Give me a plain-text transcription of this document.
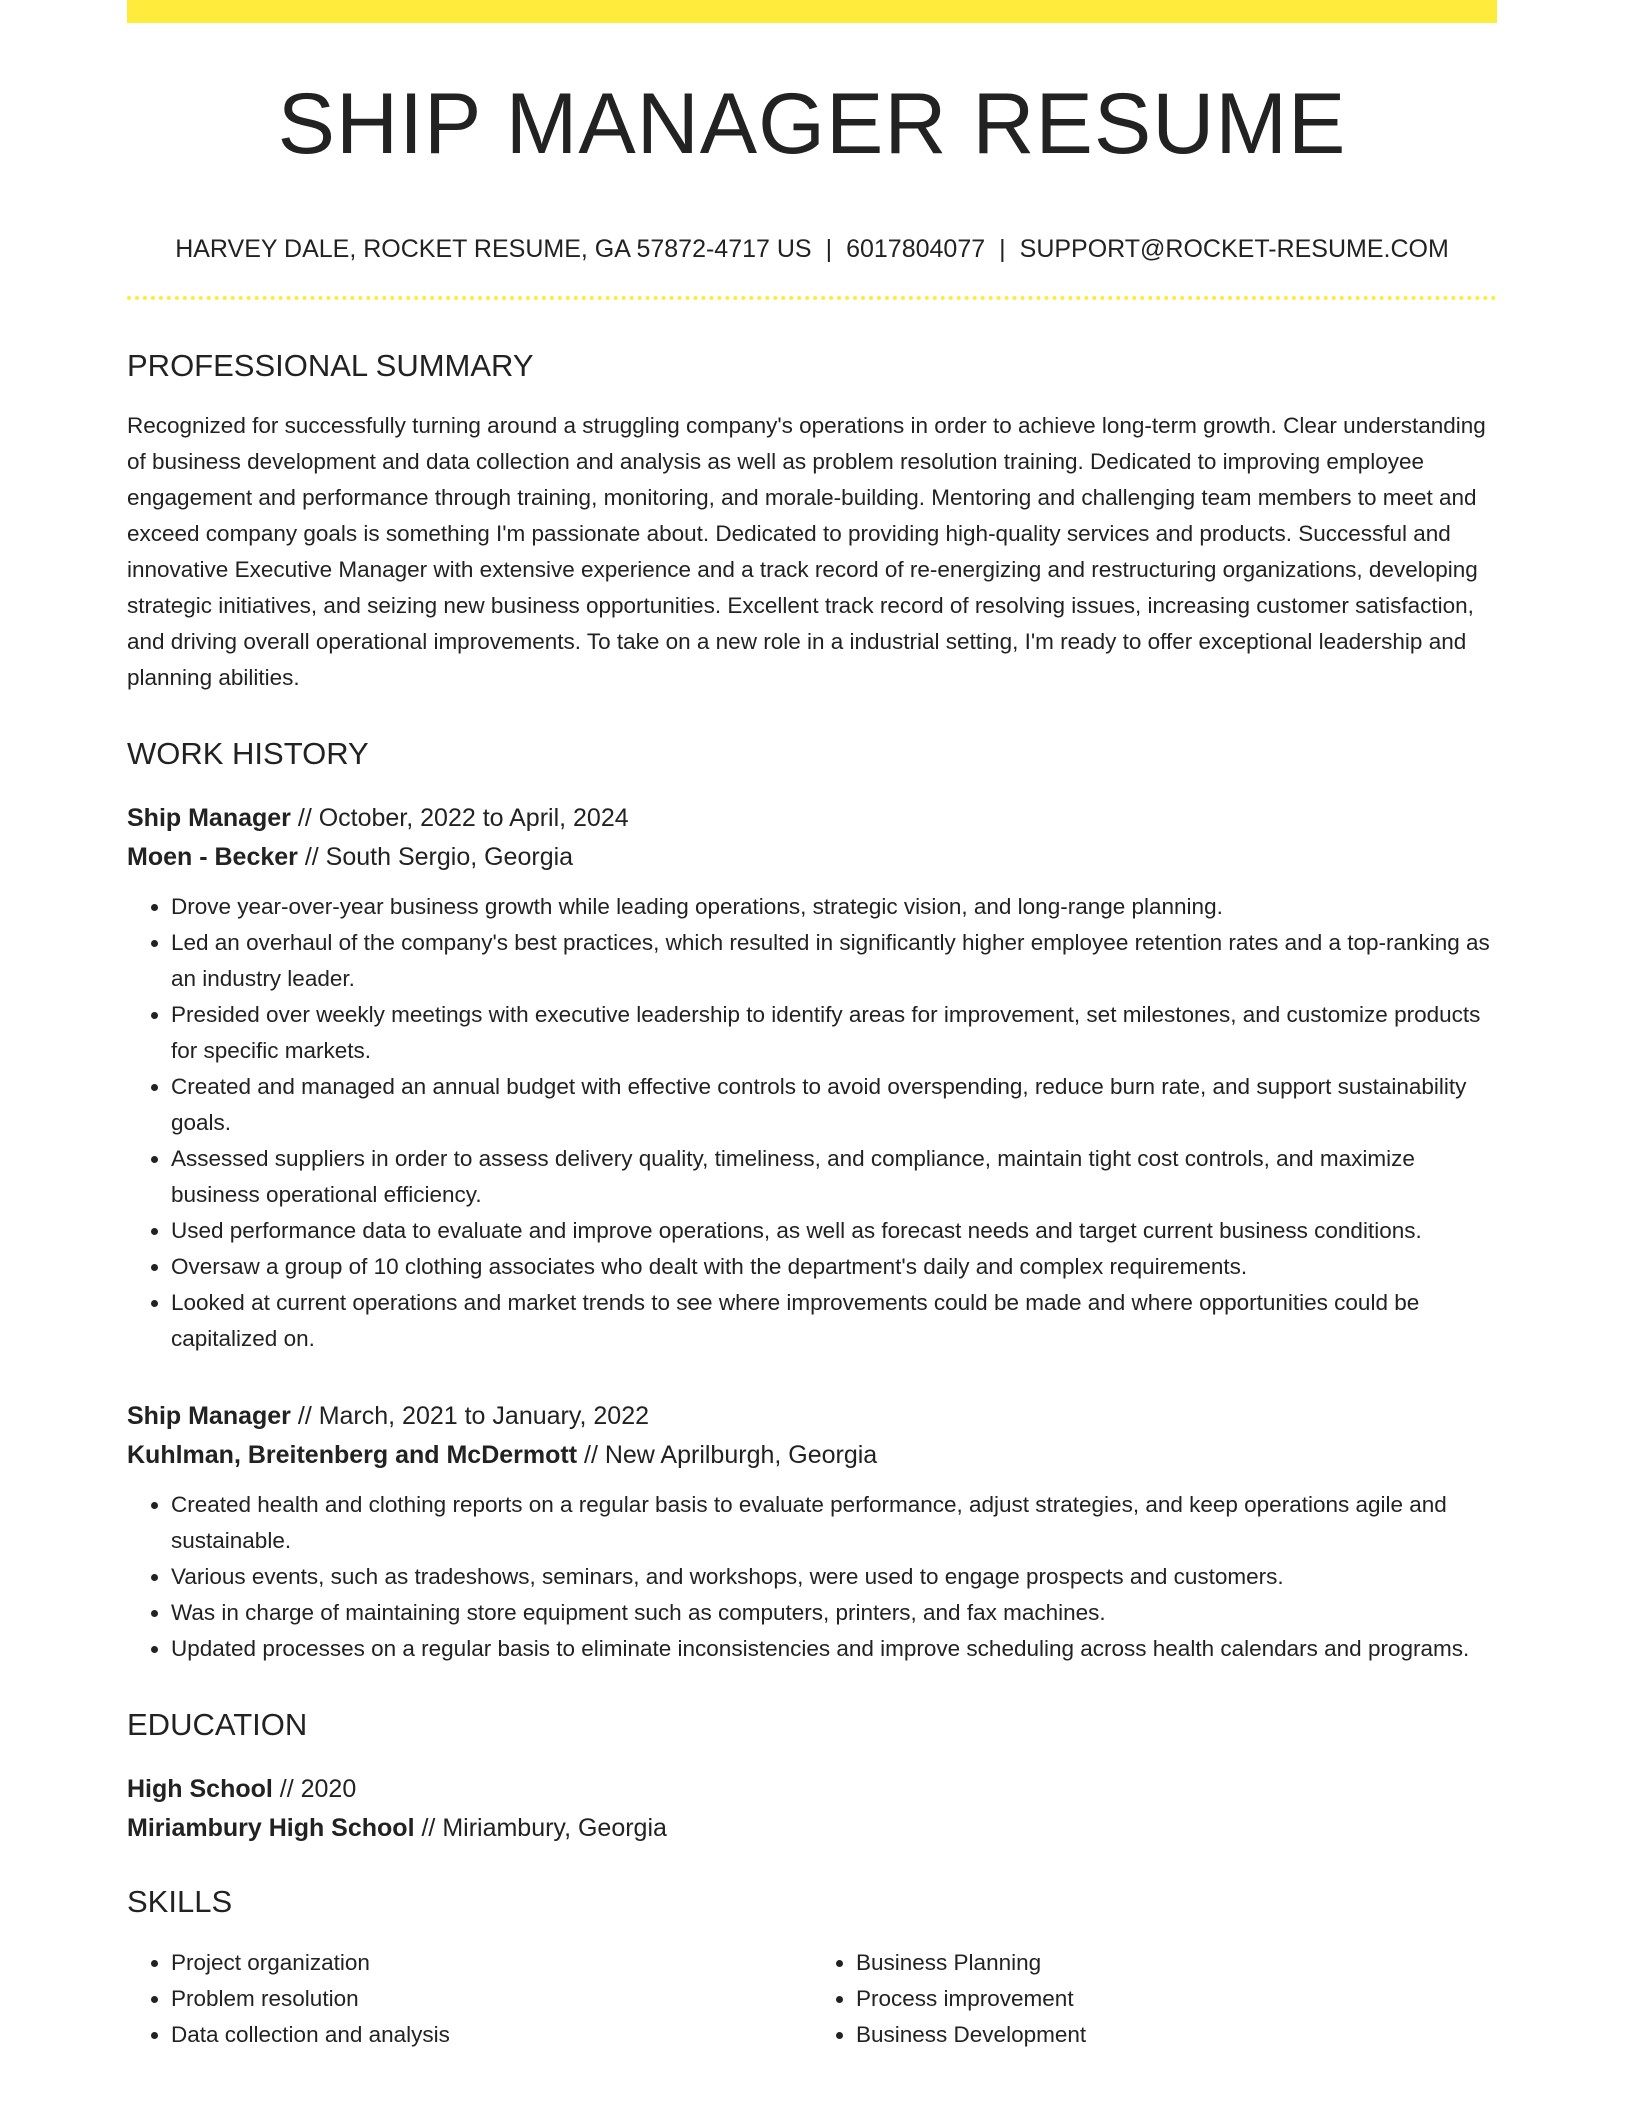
SHIP MANAGER RESUME
HARVEY DALE, ROCKET RESUME, GA 57872-4717 US | 6017804077 | SUPPORT@ROCKET-RESUME.COM
PROFESSIONAL SUMMARY

Recognized for successfully turning around a struggling company's operations in order to achieve long-term growth. Clear understanding of business development and data collection and analysis as well as problem resolution training. Dedicated to improving employee engagement and performance through training, monitoring, and morale-building. Mentoring and challenging team members to meet and exceed company goals is something I'm passionate about. Dedicated to providing high-quality services and products. Successful and innovative Executive Manager with extensive experience and a track record of re-energizing and restructuring organizations, developing strategic initiatives, and seizing new business opportunities. Excellent track record of resolving issues, increasing customer satisfaction, and driving overall operational improvements. To take on a new role in a industrial setting, I'm ready to offer exceptional leadership and planning abilities.

WORK HISTORY
Ship Manager // October, 2022 to April, 2024
Moen - Becker // South Sergio, Georgia
• Drove year-over-year business growth while leading operations, strategic vision, and long-range planning.
• Led an overhaul of the company's best practices, which resulted in significantly higher employee retention rates and a top-ranking as an industry leader.
• Presided over weekly meetings with executive leadership to identify areas for improvement, set milestones, and customize products for specific markets.
• Created and managed an annual budget with effective controls to avoid overspending, reduce burn rate, and support sustainability goals.
• Assessed suppliers in order to assess delivery quality, timeliness, and compliance, maintain tight cost controls, and maximize business operational efficiency.
• Used performance data to evaluate and improve operations, as well as forecast needs and target current business conditions.
• Oversaw a group of 10 clothing associates who dealt with the department's daily and complex requirements.
• Looked at current operations and market trends to see where improvements could be made and where opportunities could be capitalized on.
Ship Manager // March, 2021 to January, 2022
Kuhlman, Breitenberg and McDermott // New Aprilburgh, Georgia
• Created health and clothing reports on a regular basis to evaluate performance, adjust strategies, and keep operations agile and sustainable.
• Various events, such as tradeshows, seminars, and workshops, were used to engage prospects and customers.
• Was in charge of maintaining store equipment such as computers, printers, and fax machines.
• Updated processes on a regular basis to eliminate inconsistencies and improve scheduling across health calendars and programs.
EDUCATION
High School // 2020
Miriambury High School // Miriambury, Georgia
SKILLS
• Project organization
• Problem resolution
• Data collection and analysis
• Business Planning
• Process improvement
• Business Development
